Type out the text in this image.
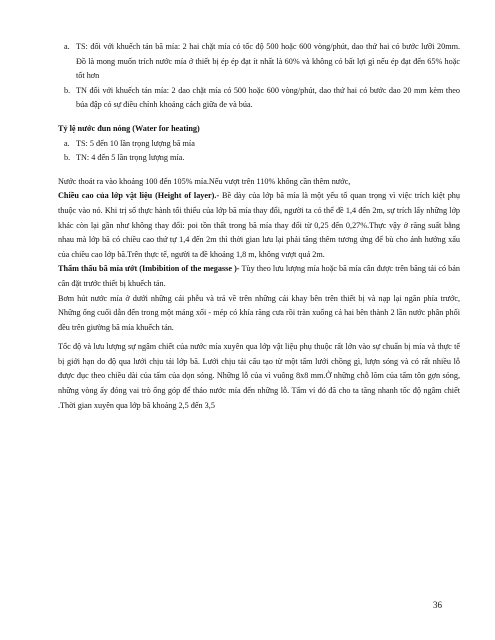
a. TS: đối với khuếch tán bã mía: 2 hai chặt mía có tốc độ 500 hoặc 600 vòng/phút, dao thứ hai có bước lưỡi 20mm. Đồ là mong muốn trích nước mía ở thiết bị ép ép đạt ít nhất là 60% và không có bất lợi gì nếu ép đạt đến 65% hoặc tốt hơn

b. TN đối với khuếch tán mía: 2 dao chặt mía có 500 hoặc 600 vòng/phút, dao thứ hai có bước dao 20 mm kèm theo búa đập có sự điều chỉnh khoảng cách giữa đe và búa.

Tỷ lệ nước đun nóng (Water for heating)

a. TS: 5 đến 10 lần trọng lượng bã mía

b. TN: 4 đến 5 lần trọng lượng mía.

Nước thoát ra vào khoảng 100 đến 105% mía.Nếu vượt trên 110% không cần thêm nước,
Chiều cao của lớp vật liệu (Height of layer).- Bề dày của lớp bã mía là một yếu tố quan trọng vì việc trích kiệt phụ thuộc vào nó. Khi trị số thực hành tối thiểu của lớp bã mía thay đổi, người ta có thể đề 1,4 đến 2m, sự trích lấy những lớp khác còn lại gần như không thay đổi: poi tồn thất trong bã mía thay đổi từ 0,25 đến 0,27%.Thực vậy ở răng suất bằng nhau mà lớp bã có chiều cao thứ tự 1,4 đến 2m thì thời gian lưu lại phải tăng thêm tương ứng để bù cho ảnh hưởng xấu của chiều cao lớp bã.Trên thực tế, người ta đề khoảng 1,8 m, không vượt quá 2m.

Thẩm thấu bã mía ướt (Imbibition of the megasse )- Tùy theo lưu lượng mía hoặc bã mía cân được trên băng tải có bản cân đặt trước thiết bị khuếch tán.

Bơm hút nước mía ở dưới những cái phễu và trả về trên những cái khay bên trên thiết bị và nạp lại ngăn phía trước, Những ống cuối dẫn đến trong một máng xối - mép có khía răng cưa rồi tràn xuống cả hai bên thành 2 lần nước phân phối đều trên giường bã mía khuếch tán.

Tốc độ và lưu lượng sự ngâm chiết của nước mía xuyên qua lớp vật liệu phụ thuộc rất lớn vào sự chuẩn bị mía và thực tế bị giới hạn do độ qua lưới chịu tải lớp bã. Lưới chịu tải cấu tạo từ một tấm lưới chồng gì, lượn sóng và có rất nhiều lỗ được đục theo chiều dài của tấm của dọn sóng. Những lỗ của vì vuông 8x8 mm.Ở những chỗ lõm của tấm tôn gợn sóng, những vòng ấy đóng vai trò ống góp để tháo nước mía đến những lỗ. Tấm vỉ đó đã cho ta tăng nhanh tốc độ ngâm chiết .Thời gian xuyên qua lớp bã khoảng 2,5 đến 3,5

36
